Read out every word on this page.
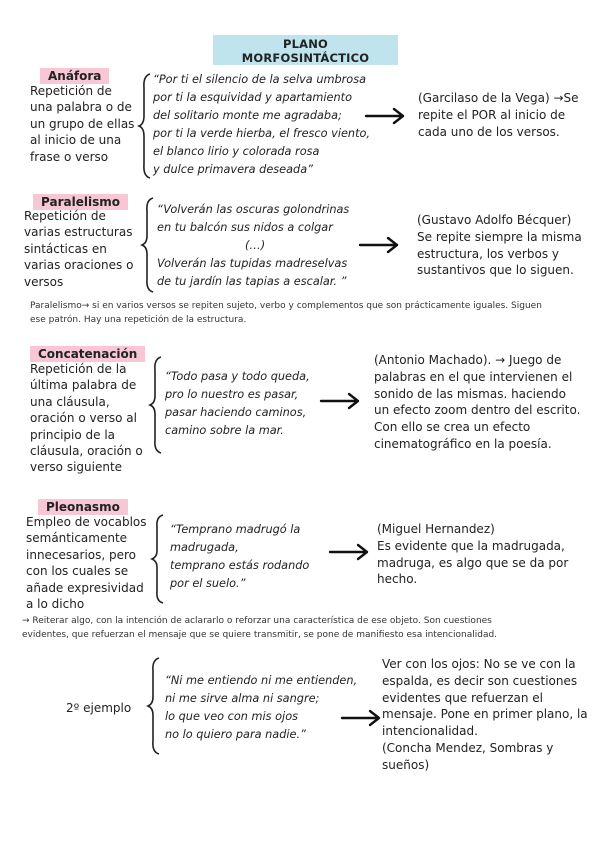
PLANO
MORFOSINTÁCTICO
Anáfora
Repetición de
una palabra o de
un grupo de ellas
al inicio de una
frase o verso
“Por ti el silencio de la selva umbrosa
por ti la esquividad y apartamiento
del solitario monte me agradaba;
por ti la verde hierba, el fresco viento,
el blanco lirio y colorada rosa
y dulce primavera deseada”
(Garcilaso de la Vega) →Se
repite el POR al inicio de
cada uno de los versos.
Paralelismo
Repetición de
varias estructuras
sintácticas en
varias oraciones o
versos
“Volverán las oscuras golondrinas
en tu balcón sus nidos a colgar
(…)
Volverán las tupidas madreselvas
de tu jardín las tapias a escalar. ”
(Gustavo Adolfo Bécquer)
Se repite siempre la misma
estructura, los verbos y
sustantivos que lo siguen.
Paralelismo→ si en varios versos se repiten sujeto, verbo y complementos que son prácticamente iguales. Siguen
ese patrón. Hay una repetición de la estructura.
Concatenación
Repetición de la
última palabra de
una cláusula,
oración o verso al
principio de la
cláusula, oración o
verso siguiente
“Todo pasa y todo queda,
pro lo nuestro es pasar,
pasar haciendo caminos,
camino sobre la mar.
(Antonio Machado). → Juego de
palabras en el que intervienen el
sonido de las mismas. haciendo
un efecto zoom dentro del escrito.
Con ello se crea un efecto
cinematográfico en la poesía.
Pleonasmo
Empleo de vocablos
semánticamente
innecesarios, pero
con los cuales se
añade expresividad
a lo dicho
“Temprano madrugó la
madrugada,
temprano estás rodando
por el suelo.”
(Miguel Hernandez)
Es evidente que la madrugada,
madruga, es algo que se da por
hecho.
→ Reiterar algo, con la intención de aclararlo o reforzar una característica de ese objeto. Son cuestiones
evidentes, que refuerzan el mensaje que se quiere transmitir, se pone de manifiesto esa intencionalidad.
2º ejemplo
“Ni me entiendo ni me entienden,
ni me sirve alma ni sangre;
lo que veo con mis ojos
no lo quiero para nadie.”
Ver con los ojos: No se ve con la
espalda, es decir son cuestiones
evidentes que refuerzan el
mensaje. Pone en primer plano, la
intencionalidad.
(Concha Mendez, Sombras y
sueños)
